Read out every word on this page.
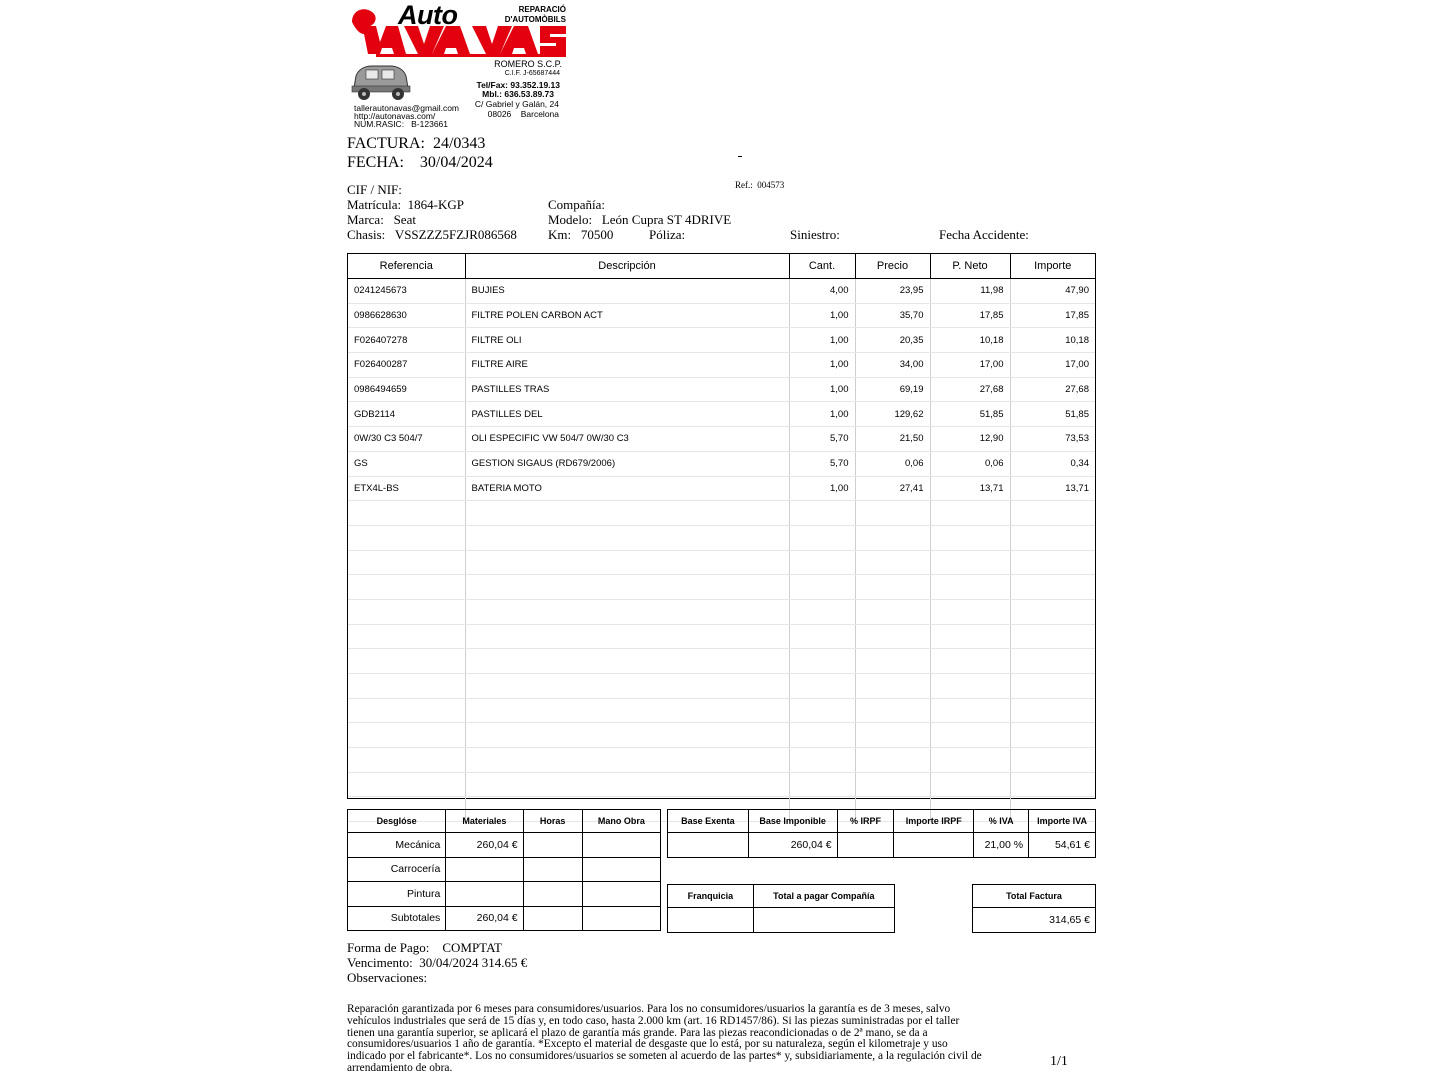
Auto	REPARACIÓ
D'AUTOMÒBILS
ROMERO S.C.P.
C.I.F. J-65687444
Tel/Fax: 93.352.19.13
Mbl.: 636.53.89.73
C/ Gabriel y Galán, 24
08026    Barcelona
tallerautonavas@gmail.com
http://autonavas.com/
NUM.RASIC:   B-123661
FACTURA: 24/0343
FECHA: 30/04/2024
Ref.: 004573
CIF / NIF:
Matrícula: 1864-KGP
Marca: Seat
Chasis: VSSZZZ5FZJR086568
Compañía:
Modelo: León Cupra ST 4DRIVE
Km: 70500	Póliza:	Siniestro:	Fecha Accidente:
Referencia	Descripción	Cant.	Precio	P. Neto	Importe
0241245673	BUJIES	4,00	23,95	11,98	47,90
0986628630	FILTRE POLEN CARBON ACT	1,00	35,70	17,85	17,85
F026407278	FILTRE OLI	1,00	20,35	10,18	10,18
F026400287	FILTRE AIRE	1,00	34,00	17,00	17,00
0986494659	PASTILLES TRAS	1,00	69,19	27,68	27,68
GDB2114	PASTILLES DEL	1,00	129,62	51,85	51,85
0W/30 C3 504/7	OLI ESPECIFIC VW 504/7 0W/30 C3	5,70	21,50	12,90	73,53
GS	GESTION SIGAUS (RD679/2006)	5,70	0,06	0,06	0,34
ETX4L-BS	BATERIA MOTO	1,00	27,41	13,71	13,71

Desglóse	Materiales	Horas	Mano Obra
Mecánica	260,04 €		
Carrocería			
Pintura			
Subtotales	260,04 €		
Base Exenta	Base Imponible	% IRPF	Importe IRPF	% IVA	Importe IVA
	260,04 €			21,00 %	54,61 €
Franquicia	Total a pagar Compañía
		Total Factura
314,65 €
Forma de Pago: COMPTAT
Vencimento: 30/04/2024 314.65 €
Observaciones:
Reparación garantizada por 6 meses para consumidores/usuarios. Para los no consumidores/usuarios la garantía es de 3 meses, salvo vehículos industriales que será de 15 días y, en todo caso, hasta 2.000 km (art. 16 RD1457/86). Si las piezas suministradas por el taller tienen una garantía superior, se aplicará el plazo de garantía más grande. Para las piezas reacondicionadas o de 2ª mano, se da a consumidores/usuarios 1 año de garantía. *Excepto el material de desgaste que lo está, por su naturaleza, según el kilometraje y uso indicado por el fabricante*. Los no consumidores/usuarios se someten al acuerdo de las partes* y, subsidiariamente, a la regulación civil de arrendamiento de obra.	1/1
